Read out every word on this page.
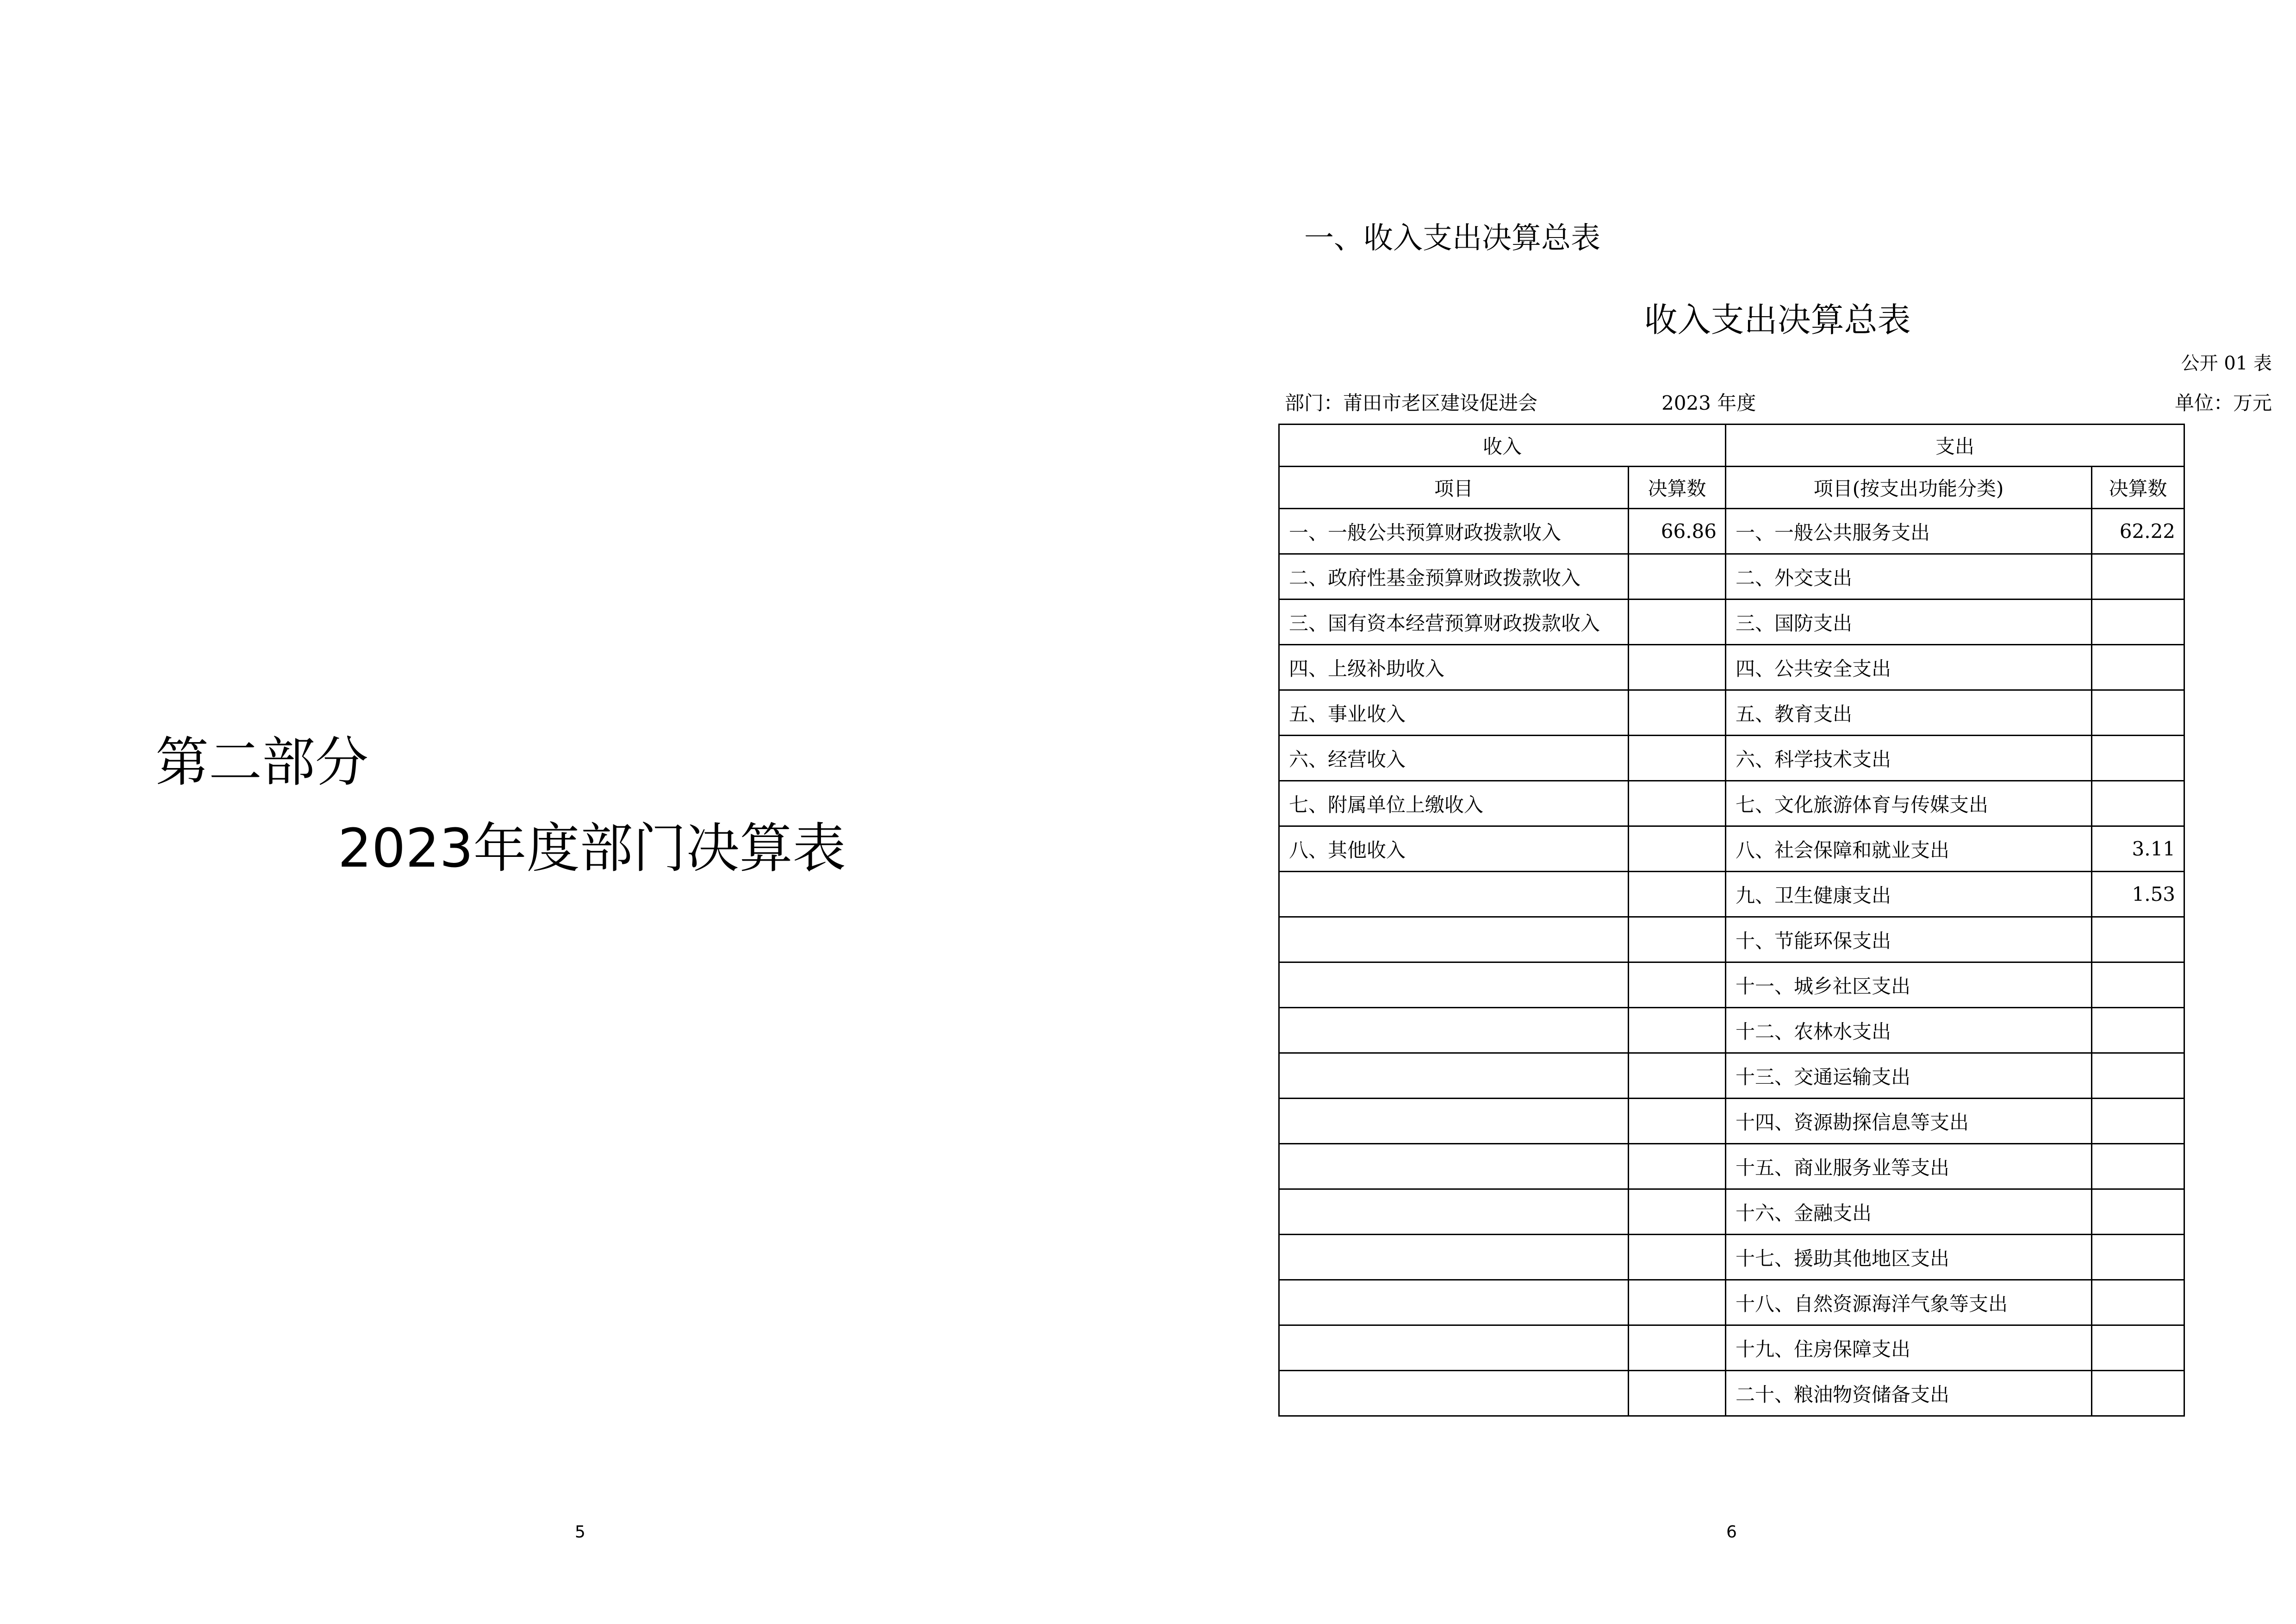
第二部分
2023年度部门决算表
5
一、收入支出决算总表
收入支出决算总表
公开 01 表
部门：莆田市老区建设促进会	2023 年度	单位：万元
收入		支出	
项目	决算数	项目(按支出功能分类)	决算数
一、一般公共预算财政拨款收入	66.86	一、一般公共服务支出	62.22
二、政府性基金预算财政拨款收入		二、外交支出	
三、国有资本经营预算财政拨款收入		三、国防支出	
四、上级补助收入		四、公共安全支出	
五、事业收入		五、教育支出	
六、经营收入		六、科学技术支出	
七、附属单位上缴收入		七、文化旅游体育与传媒支出	
八、其他收入		八、社会保障和就业支出	3.11
		九、卫生健康支出	1.53
		十、节能环保支出	
		十一、城乡社区支出	
		十二、农林水支出	
		十三、交通运输支出	
		十四、资源勘探信息等支出	
		十五、商业服务业等支出	
		十六、金融支出	
		十七、援助其他地区支出	
		十八、自然资源海洋气象等支出	
		十九、住房保障支出	
		二十、粮油物资储备支出	
6
